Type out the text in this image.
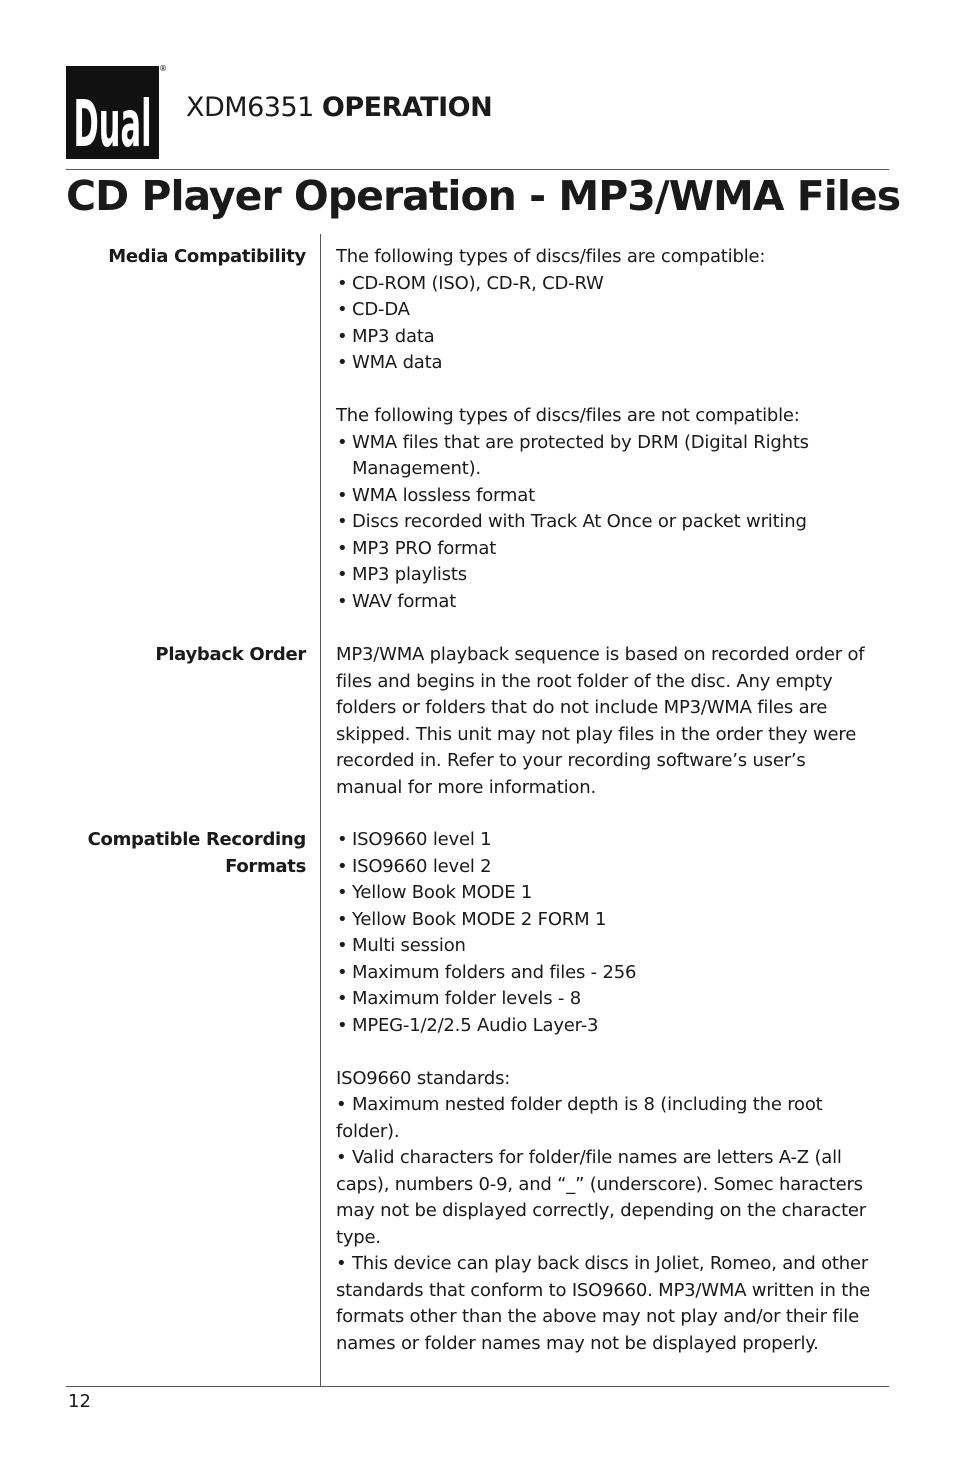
Dual
®
XDM6351 OPERATION
CD Player Operation - MP3/WMA Files
Media Compatibility The following types of discs/files are compatible:

• CD-ROM (ISO), CD-R, CD-RW
• CD-DA
• MP3 data
• WMA data

The following types of discs/files are not compatible:

• WMA files that are protected by DRM (Digital Rights Management).
• WMA lossless format
• Discs recorded with Track At Once or packet writing
• MP3 PRO format
• MP3 playlists
• WAV format
Playback Order MP3/WMA playback sequence is based on recorded order of files and begins in the root folder of the disc. Any empty folders or folders that do not include MP3/WMA files are skipped. This unit may not play files in the order they were recorded in. Refer to your recording software’s user’s manual for more information.

Compatible Recording
Formats
• ISO9660 level 1
• ISO9660 level 2
• Yellow Book MODE 1
• Yellow Book MODE 2 FORM 1
• Multi session
• Maximum folders and files - 256
• Maximum folder levels - 8
• MPEG-1/2/2.5 Audio Layer-3

ISO9660 standards:

• Maximum nested folder depth is 8 (including the root folder).

• Valid characters for folder/file names are letters A-Z (all caps), numbers 0-9, and “_” (underscore). Somec haracters may not be displayed correctly, depending on the character type.

• This device can play back discs in Joliet, Romeo, and other standards that conform to ISO9660. MP3/WMA written in the formats other than the above may not play and/or their file names or folder names may not be displayed properly.

12
